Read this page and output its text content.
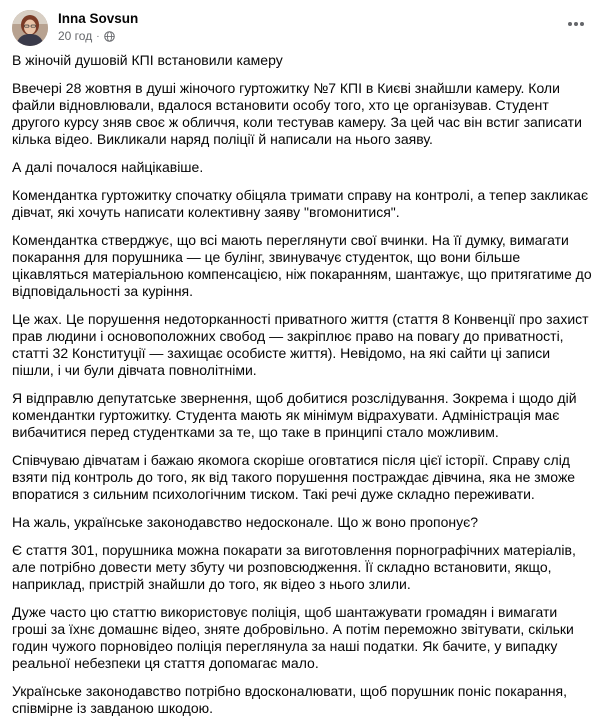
Inna Sovsun
20 год ·

В жіночій душовій КПІ встановили камеру

Ввечері 28 жовтня в душі жіночого гуртожитку №7 КПІ в Києві знайшли камеру. Коли файли відновлювали, вдалося встановити особу того, хто це організував. Студент другого курсу зняв своє ж обличчя, коли тестував камеру. За цей час він встиг записати кілька відео. Викликали наряд поліції й написали на нього заяву.

А далі почалося найцікавіше.

Комендантка гуртожитку спочатку обіцяла тримати справу на контролі, а тепер закликає дівчат, які хочуть написати колективну заяву "вгомонитися".

Комендантка стверджує, що всі мають переглянути свої вчинки. На її думку, вимагати покарання для порушника — це булінг, звинувачує студенток, що вони більше цікавляться матеріальною компенсацією, ніж покаранням, шантажує, що притягатиме до відповідальності за куріння.

Це жах. Це порушення недоторканності приватного життя (стаття 8 Конвенції про захист прав людини і основоположних свобод — закріплює право на повагу до приватності, статті 32 Конституції — захищає особисте життя). Невідомо, на які сайти ці записи пішли, і чи були дівчата повнолітніми.

Я відправлю депутатське звернення, щоб добитися розслідування. Зокрема і щодо дій комендантки гуртожитку. Студента мають як мінімум відрахувати. Адміністрація має вибачитися перед студентками за те, що таке в принципі стало можливим.

Співчуваю дівчатам і бажаю якомога скоріше оговтатися після цієї історії. Справу слід взяти під контроль до того, як від такого порушення постраждає дівчина, яка не зможе впоратися з сильним психологічним тиском. Такі речі дуже складно переживати.

На жаль, українське законодавство недосконале. Що ж воно пропонує?

Є стаття 301, порушника можна покарати за виготовлення порнографічних матеріалів, але потрібно довести мету збуту чи розповсюдження. Її складно встановити, якщо, наприклад, пристрій знайшли до того, як відео з нього злили.

Дуже часто цю статтю використовує поліція, щоб шантажувати громадян і вимагати гроші за їхнє домашнє відео, зняте добровільно. А потім переможно звітувати, скільки годин чужого порновідео поліція переглянула за наші податки. Як бачите, у випадку реальної небезпеки ця стаття допомагає мало.

Українське законодавство потрібно вдосконалювати, щоб порушник поніс покарання, співмірне із завданою шкодою.
